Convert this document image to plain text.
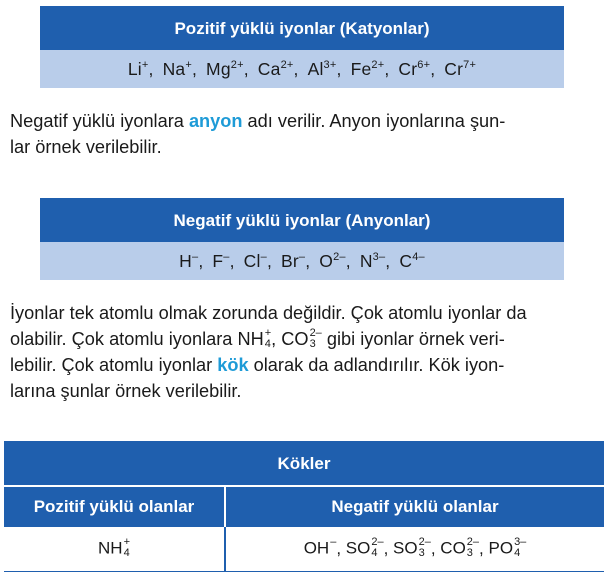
Pozitif yüklü iyonlar (Katyonlar)
Li+ , Na+ , $Mg^{2+}$ , $Ca^{2+}$ , $Al^{3+}$ , $Fe^{2+}$ , $Cr^{6+}$ , $Cr^{7+}$

Negatif yüklü iyonlara anyon adı verilir. Anyon iyonlarına şun-
lar örnek verilebilir.

Negatif yüklü iyonlar (Anyonlar)
H– , F– , Cl– , Br– , $O^{2-}$ , $N^{3-}$ , $C^{4-}$

İyonlar tek atomlu olmak zorunda değildir. Çok atomlu iyonlar da
olabilir. Çok atomlu iyonlara NH +
4 , CO 2–
3 gibi iyonlar örnek veri-
lebilir. Çok atomlu iyonlar kök olarak da adlandırılır. Kök iyon-
larına şunlar örnek verilebilir.

Kökler
Pozitif yüklü olanlar	Negatif yüklü olanlar
NH +
4	OH –
, SO 2–
4 , SO 2–
3 , CO 2–
3 , PO 3–
4
